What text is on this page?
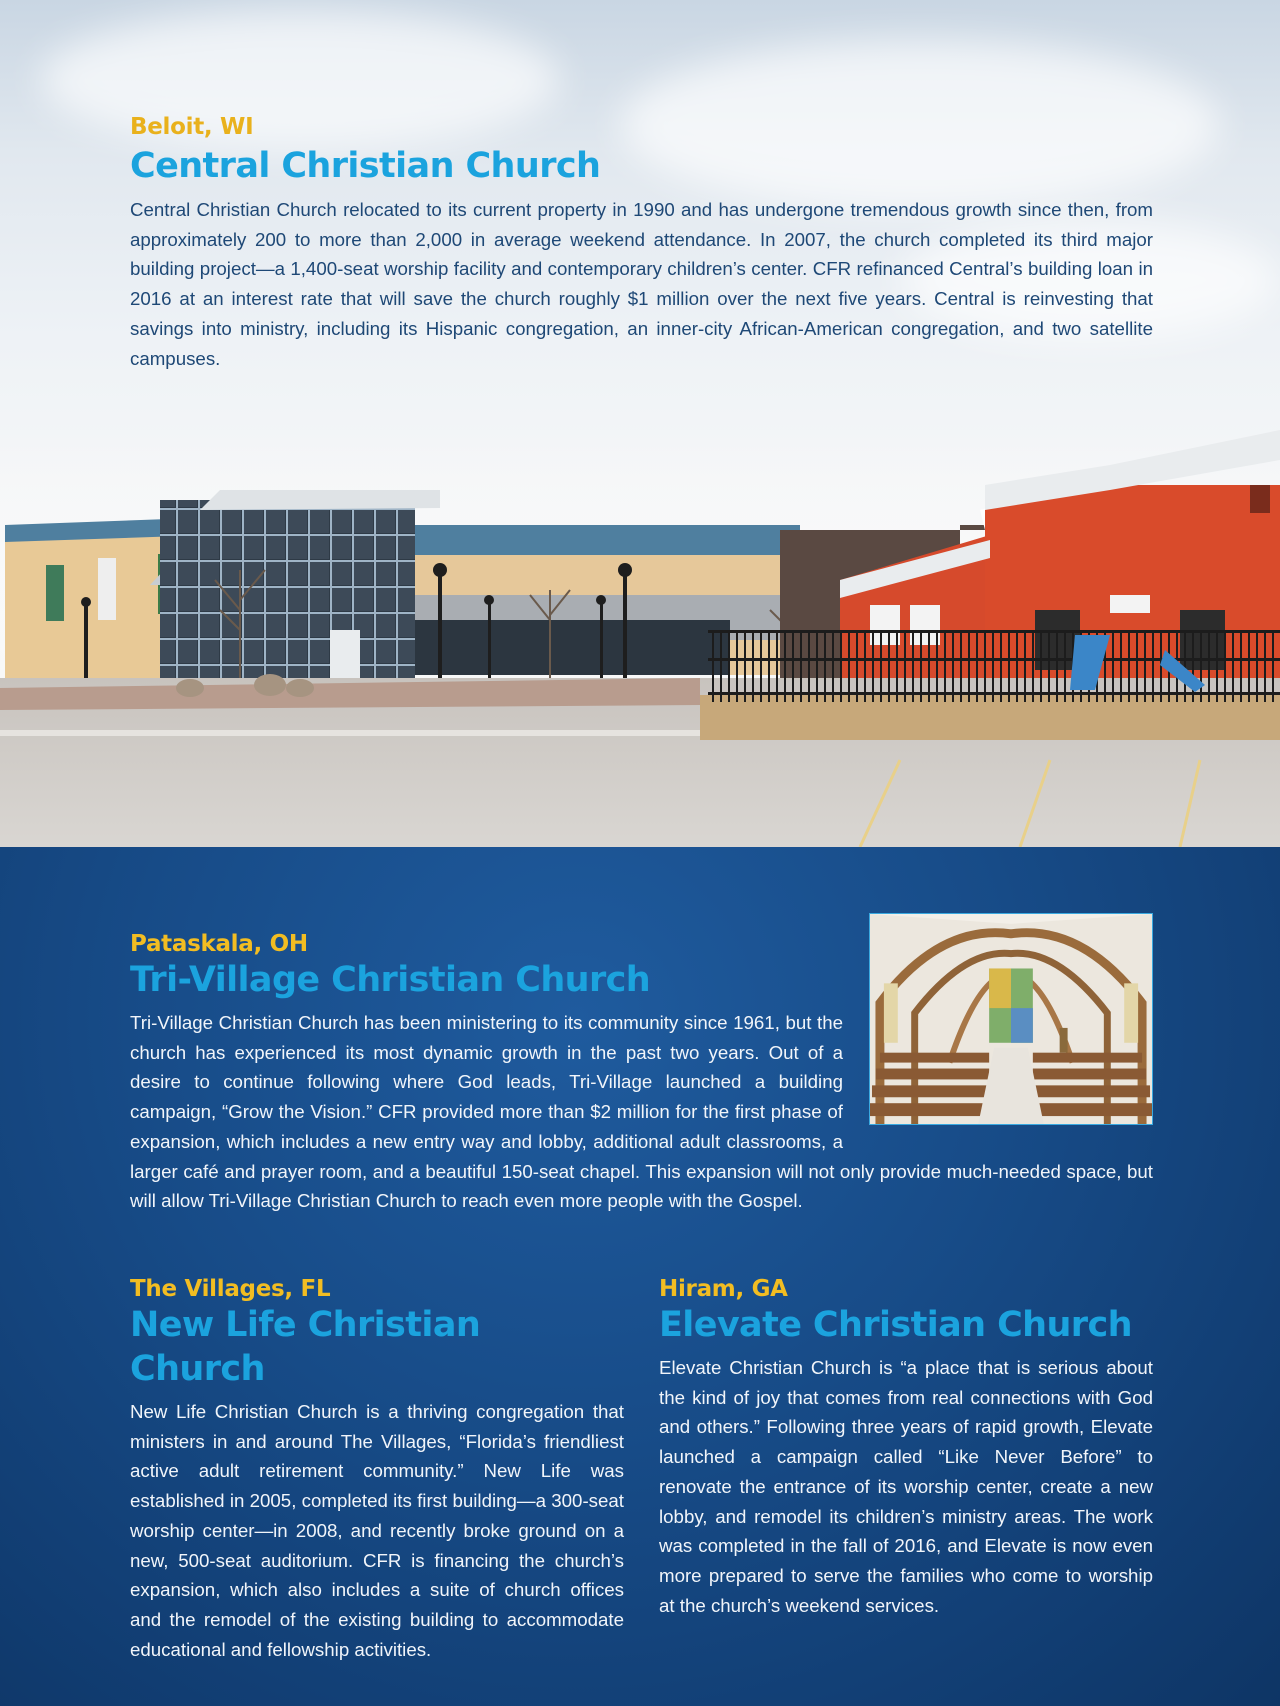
Beloit, WI

Central Christian Church

Central Christian Church relocated to its current property in 1990 and has undergone tremendous growth since then, from approximately 200 to more than 2,000 in average weekend attendance. In 2007, the church completed its third major building project—a 1,400-seat worship facility and contemporary children’s center. CFR refinanced Central’s building loan in 2016 at an interest rate that will save the church roughly $1 million over the next five years. Central is reinvesting that savings into ministry, including its Hispanic congregation, an inner-city African-American congregation, and two satellite campuses.

Pataskala, OH

Tri-Village Christian Church

Tri-Village Christian Church has been ministering to its community since 1961, but the church has experienced its most dynamic growth in the past two years. Out of a desire to continue following where God leads, Tri-Village launched a building campaign, “Grow the Vision.” CFR provided more than $2 million for the first phase of expansion, which includes a new entry way and lobby, additional adult classrooms, a larger café and prayer room, and a beautiful 150-seat chapel. This expansion will not only provide much-needed space, but will allow Tri-Village Christian Church to reach even more people with the Gospel.

The Villages, FL

New Life Christian Church

New Life Christian Church is a thriving congregation that ministers in and around The Villages, “Florida’s friendliest active adult retirement community.” New Life was established in 2005, completed its first building—a 300-seat worship center—in 2008, and recently broke ground on a new, 500-seat auditorium. CFR is financing the church’s expansion, which also includes a suite of church offices and the remodel of the existing building to accommodate educational and fellowship activities.

Hiram, GA

Elevate Christian Church

Elevate Christian Church is “a place that is serious about the kind of joy that comes from real connections with God and others.” Following three years of rapid growth, Elevate launched a campaign called “Like Never Before” to renovate the entrance of its worship center, create a new lobby, and remodel its children’s ministry areas. The work was completed in the fall of 2016, and Elevate is now even more prepared to serve the families who come to worship at the church’s weekend services.
